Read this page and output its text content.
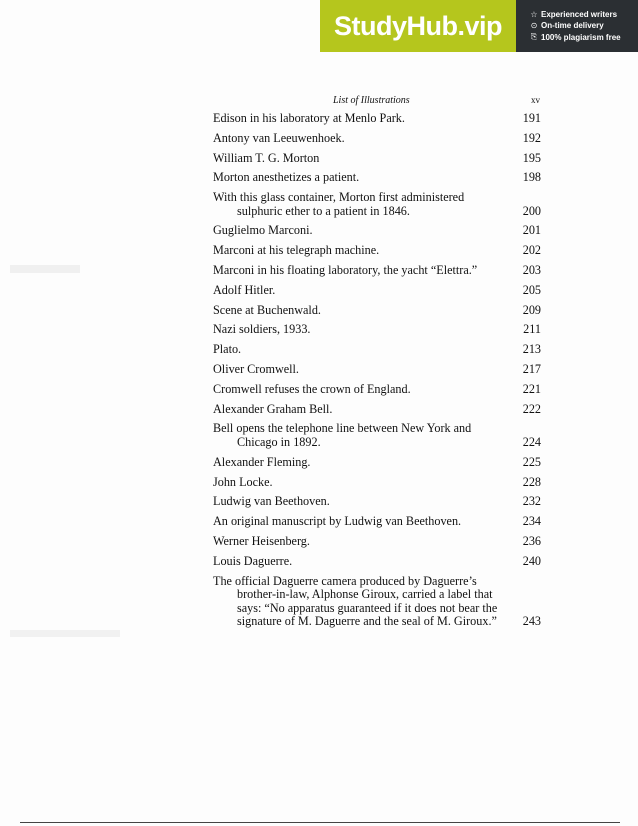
StudyHub.vip	☆ Experienced writers
⊙ On-time delivery
⎘ 100% plagiarism free
List of Illustrations	xv
Edison in his laboratory at Menlo Park.	191
Antony van Leeuwenhoek.	192
William T. G. Morton	195
Morton anesthetizes a patient.	198
With this glass container, Morton first administered sulphuric ether to a patient in 1846.	200
Guglielmo Marconi.	201
Marconi at his telegraph machine.	202
Marconi in his floating laboratory, the yacht “Elettra.”	203
Adolf Hitler.	205
Scene at Buchenwald.	209
Nazi soldiers, 1933.	211
Plato.	213
Oliver Cromwell.	217
Cromwell refuses the crown of England.	221
Alexander Graham Bell.	222
Bell opens the telephone line between New York and Chicago in 1892.	224
Alexander Fleming.	225
John Locke.	228
Ludwig van Beethoven.	232
An original manuscript by Ludwig van Beethoven.	234
Werner Heisenberg.	236
Louis Daguerre.	240
The official Daguerre camera produced by Daguerre’s brother-in-law, Alphonse Giroux, carried a label that says: “No apparatus guaranteed if it does not bear the signature of M. Daguerre and the seal of M. Giroux.”	243
